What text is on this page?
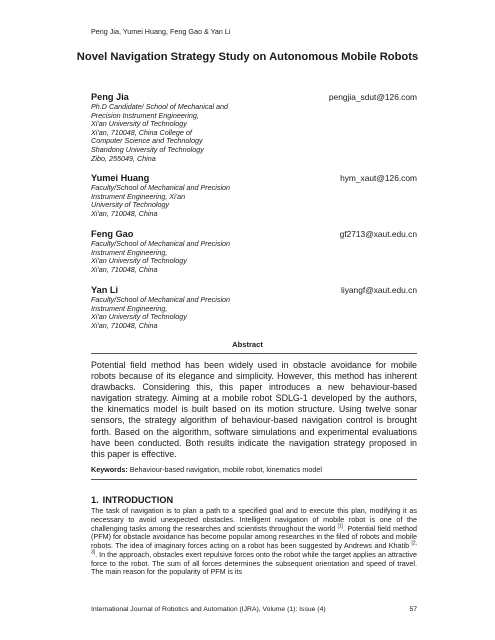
Peng Jia, Yumei Huang, Feng Gao & Yan Li
Novel Navigation Strategy Study on Autonomous Mobile Robots
Peng Jia	pengjia_sdut@126.com
Ph.D Candidate/ School of Mechanical and
Precision Instrument Engineering,
Xi'an University of Technology
Xi'an, 710048, China College of
Computer Science and Technology
Shandong University of Technology
Zibo, 255049, China
Yumei Huang	hym_xaut@126.com
Faculty/School of Mechanical and Precision
Instrument Engineering, Xi'an
University of Technology
Xi'an, 710048, China
Feng Gao	gf2713@xaut.edu.cn
Faculty/School of Mechanical and Precision
Instrument Engineering,
Xi'an University of Technology
Xi'an, 710048, China
Yan Li	liyangf@xaut.edu.cn
Faculty/School of Mechanical and Precision
Instrument Engineering,
Xi'an University of Technology
Xi'an, 710048, China
Abstract
Potential field method has been widely used in obstacle avoidance for mobile robots because of its elegance and simplicity. However, this method has inherent drawbacks. Considering this, this paper introduces a new behaviour-based navigation strategy. Aiming at a mobile robot SDLG-1 developed by the authors, the kinematics model is built based on its motion structure. Using twelve sonar sensors, the strategy algorithm of behaviour-based navigation control is brought forth. Based on the algorithm, software simulations and experimental evaluations have been conducted. Both results indicate the navigation strategy proposed in this paper is effective.
Keywords: Behaviour-based navigation, mobile robot, kinematics model
1. INTRODUCTION
The task of navigation is to plan a path to a specified goal and to execute this plan, modifying it as necessary to avoid unexpected obstacles. Intelligent navigation of mobile robot is one of the challenging tasks among the researches and scientists throughout the world [1]. Potential field method (PFM) for obstacle avoidance has become popular among researches in the filed of robots and mobile robots. The idea of imaginary forces acting on a robot has been suggested by Andrews and Khatib [2, 3]. In the approach, obstacles exert repulsive forces onto the robot while the target applies an attractive force to the robot. The sum of all forces determines the subsequent orientation and speed of travel. The main reason for the popularity of PFM is its
International Journal of Robotics and Automation (IJRA), Volume (1): Issue (4)	57
